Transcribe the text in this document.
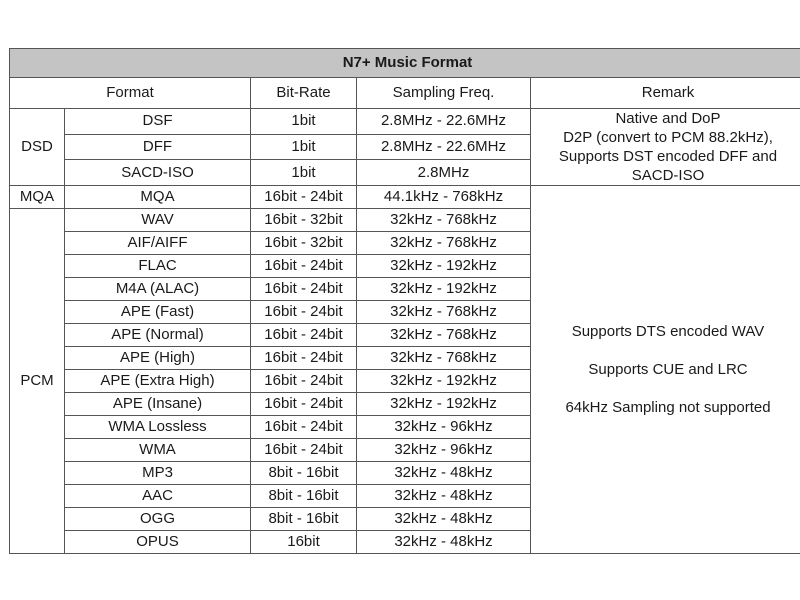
N7+ Music Format				
Format		Bit-Rate	Sampling Freq.	Remark
DSD	DSF	1bit	2.8MHz - 22.6MHz	Native and DoP
D2P (convert to PCM 88.2kHz),
Supports DST encoded DFF and
SACD-ISO

	DFF	1bit	2.8MHz - 22.6MHz	
	SACD-ISO	1bit	2.8MHz	
MQA	MQA	16bit - 24bit	44.1kHz - 768kHz	Supports DTS encoded WAV
Supports CUE and LRC
64kHz Sampling not supported

PCM	WAV	16bit - 32bit	32kHz - 768kHz	
	AIF/AIFF	16bit - 32bit	32kHz - 768kHz	
	FLAC	16bit - 24bit	32kHz - 192kHz	
	M4A (ALAC)	16bit - 24bit	32kHz - 192kHz	
	APE (Fast)	16bit - 24bit	32kHz - 768kHz	
	APE (Normal)	16bit - 24bit	32kHz - 768kHz	
	APE (High)	16bit - 24bit	32kHz - 768kHz	
	APE (Extra High)	16bit - 24bit	32kHz - 192kHz	
	APE (Insane)	16bit - 24bit	32kHz - 192kHz	
	WMA Lossless	16bit - 24bit	32kHz - 96kHz	
	WMA	16bit - 24bit	32kHz - 96kHz	
	MP3	8bit - 16bit	32kHz - 48kHz	
	AAC	8bit - 16bit	32kHz - 48kHz	
	OGG	8bit - 16bit	32kHz - 48kHz	
	OPUS	16bit	32kHz - 48kHz	
